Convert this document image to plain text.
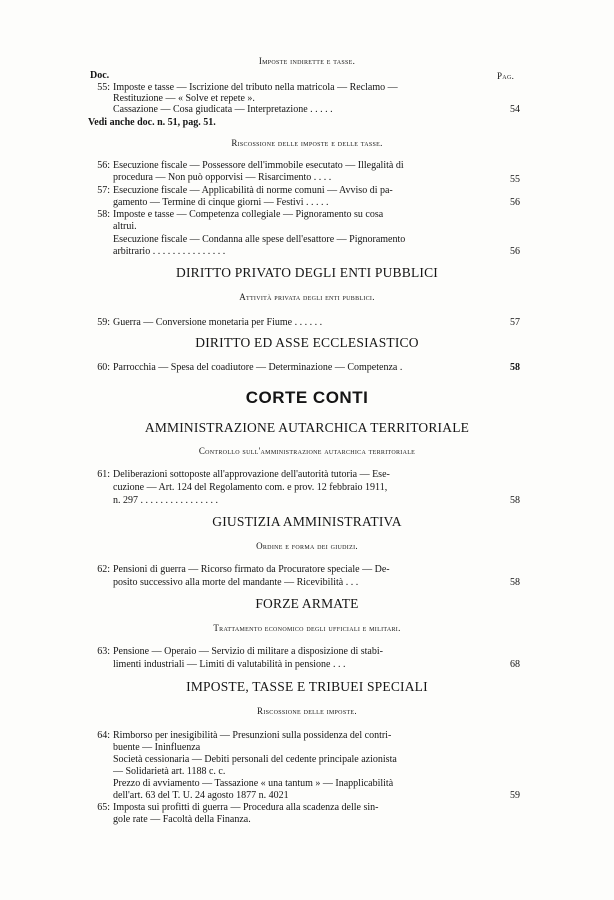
Imposte indirette e tasse.
Doc.	Pag.
55: Imposte e tasse — Iscrizione del tributo nella matricola — Reclamo —
Restituzione — « Solve et repete ».
Cassazione — Cosa giudicata — Interpretazione . . . . .	54
Vedi anche doc. n. 51, pag. 51.
Riscossione delle imposte e delle tasse.
56: Esecuzione fiscale — Possessore dell'immobile esecutato — Illegalità di
procedura — Non può opporvisi — Risarcimento . . . .	55
57: Esecuzione fiscale — Applicabilità di norme comuni — Avviso di pa-
gamento — Termine di cinque giorni — Festivi . . . . .	56
58: Imposte e tasse — Competenza collegiale — Pignoramento su cosa
altrui.
Esecuzione fiscale — Condanna alle spese dell'esattore — Pignoramento
arbitrario . . . . . . . . . . . . . . .	56
DIRITTO PRIVATO DEGLI ENTI PUBBLICI
Attività privata degli enti pubblici.
59: Guerra — Conversione monetaria per Fiume . . . . . .	57
DIRITTO ED ASSE ECCLESIASTICO
60: Parrocchia — Spesa del coadiutore — Determinazione — Competenza .	58
CORTE CONTI
AMMINISTRAZIONE AUTARCHICA TERRITORIALE
Controllo sull'amministrazione autarchica territoriale
61: Deliberazioni sottoposte all'approvazione dell'autorità tutoria — Ese-
cuzione — Art. 124 del Regolamento com. e prov. 12 febbraio 1911,
n. 297 . . . . . . . . . . . . . . . .	58
GIUSTIZIA AMMINISTRATIVA
Ordine e forma dei giudizi.
62: Pensioni di guerra — Ricorso firmato da Procuratore speciale — De-
posito successivo alla morte del mandante — Ricevibilità . . .	58
FORZE ARMATE
Trattamento economico degli ufficiali e militari.
63: Pensione — Operaio — Servizio di militare a disposizione di stabi-
limenti industriali — Limiti di valutabilità in pensione . . .	68
IMPOSTE, TASSE E TRIBUEI SPECIALI
Riscossione delle imposte.
64: Rimborso per inesigibilità — Presunzioni sulla possidenza del contri-
buente — Ininfluenza
Società cessionaria — Debiti personali del cedente principale azionista
— Solidarietà art. 1188 c. c.
Prezzo di avviamento — Tassazione « una tantum » — Inapplicabilità
dell'art. 63 del T. U. 24 agosto 1877 n. 4021	59
65: Imposta sui profitti di guerra — Procedura alla scadenza delle sin-
gole rate — Facoltà della Finanza.
